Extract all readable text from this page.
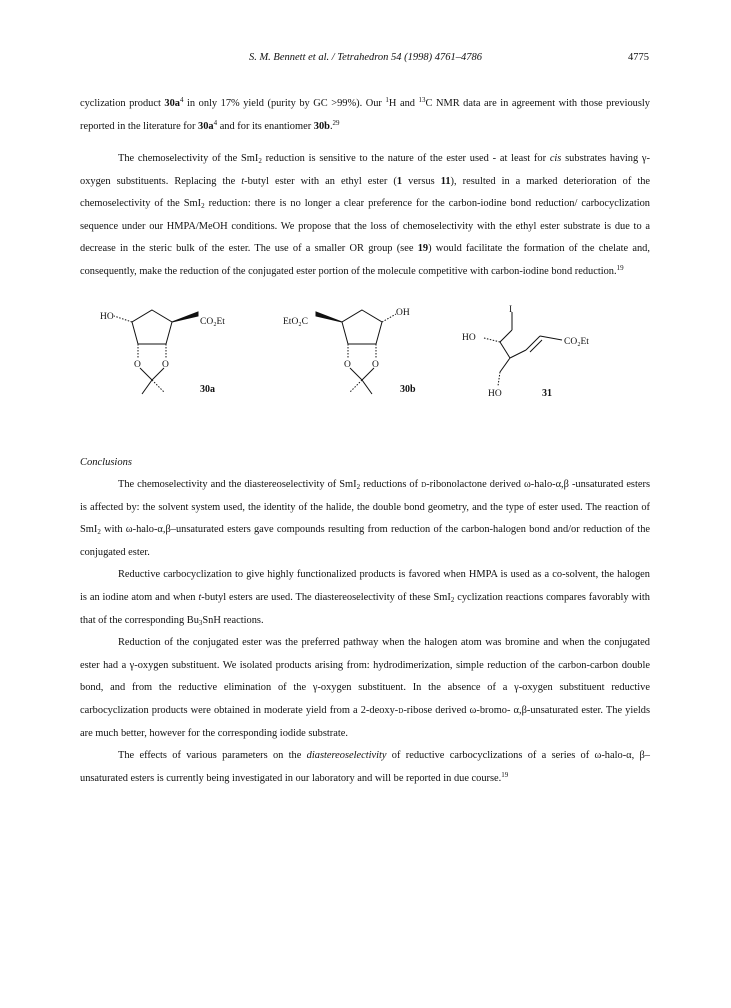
S. M. Bennett et al. / Tetrahedron 54 (1998) 4761–4786	4775

cyclization product $30a^4$ in only 17% yield (purity by GC >99%). Our $^1$H and $^{13}$C NMR data are in agreement with those previously reported in the literature for $30a^4$ and for its enantiomer 30b.$^{29}$

The chemoselectivity of the SmI2 reduction is sensitive to the nature of the ester used - at least for cis substrates having γ-oxygen substituents. Replacing the t-butyl ester with an ethyl ester (1 versus 11), resulted in a marked deterioration of the chemoselectivity of the SmI2 reduction: there is no longer a clear preference for the carbon-iodine bond reduction/ carbocyclization sequence under our HMPA/MeOH conditions. We propose that the loss of chemoselectivity with the ethyl ester substrate is due to a decrease in the steric bulk of the ester. The use of a smaller OR group (see 19) would facilitate the formation of the chelate and, consequently, make the reduction of the conjugated ester portion of the molecule competitive with carbon-iodine bond reduction.$^{19}$

HO	CO₂Et
O O
30a
EtO₂C
OH
O O
30b
I
HO	CO₂Et
HO	31
Conclusions

The chemoselectivity and the diastereoselectivity of SmI2 reductions of d-ribonolactone derived ω-halo-α,β -unsaturated esters is affected by: the solvent system used, the identity of the halide, the double bond geometry, and the type of ester used. The reaction of SmI2 with ω-halo-α,β–unsaturated esters gave compounds resulting from reduction of the carbon-halogen bond and/or reduction of the conjugated ester.

Reductive carbocyclization to give highly functionalized products is favored when HMPA is used as a co-solvent, the halogen is an iodine atom and when t-butyl esters are used. The diastereoselectivity of these SmI2 cyclization reactions compares favorably with that of the corresponding Bu3SnH reactions.

Reduction of the conjugated ester was the preferred pathway when the halogen atom was bromine and when the conjugated ester had a γ-oxygen substituent. We isolated products arising from: hydrodimerization, simple reduction of the carbon-carbon double bond, and from the reductive elimination of the γ-oxygen substituent. In the absence of a γ-oxygen substituent reductive carbocyclization products were obtained in moderate yield from a 2-deoxy-d-ribose derived ω-bromo- α,β-unsaturated ester. The yields are much better, however for the corresponding iodide substrate.

The effects of various parameters on the diastereoselectivity of reductive carbocyclizations of a series of ω-halo-α, β–unsaturated esters is currently being investigated in our laboratory and will be reported in due course.$^{19}$
